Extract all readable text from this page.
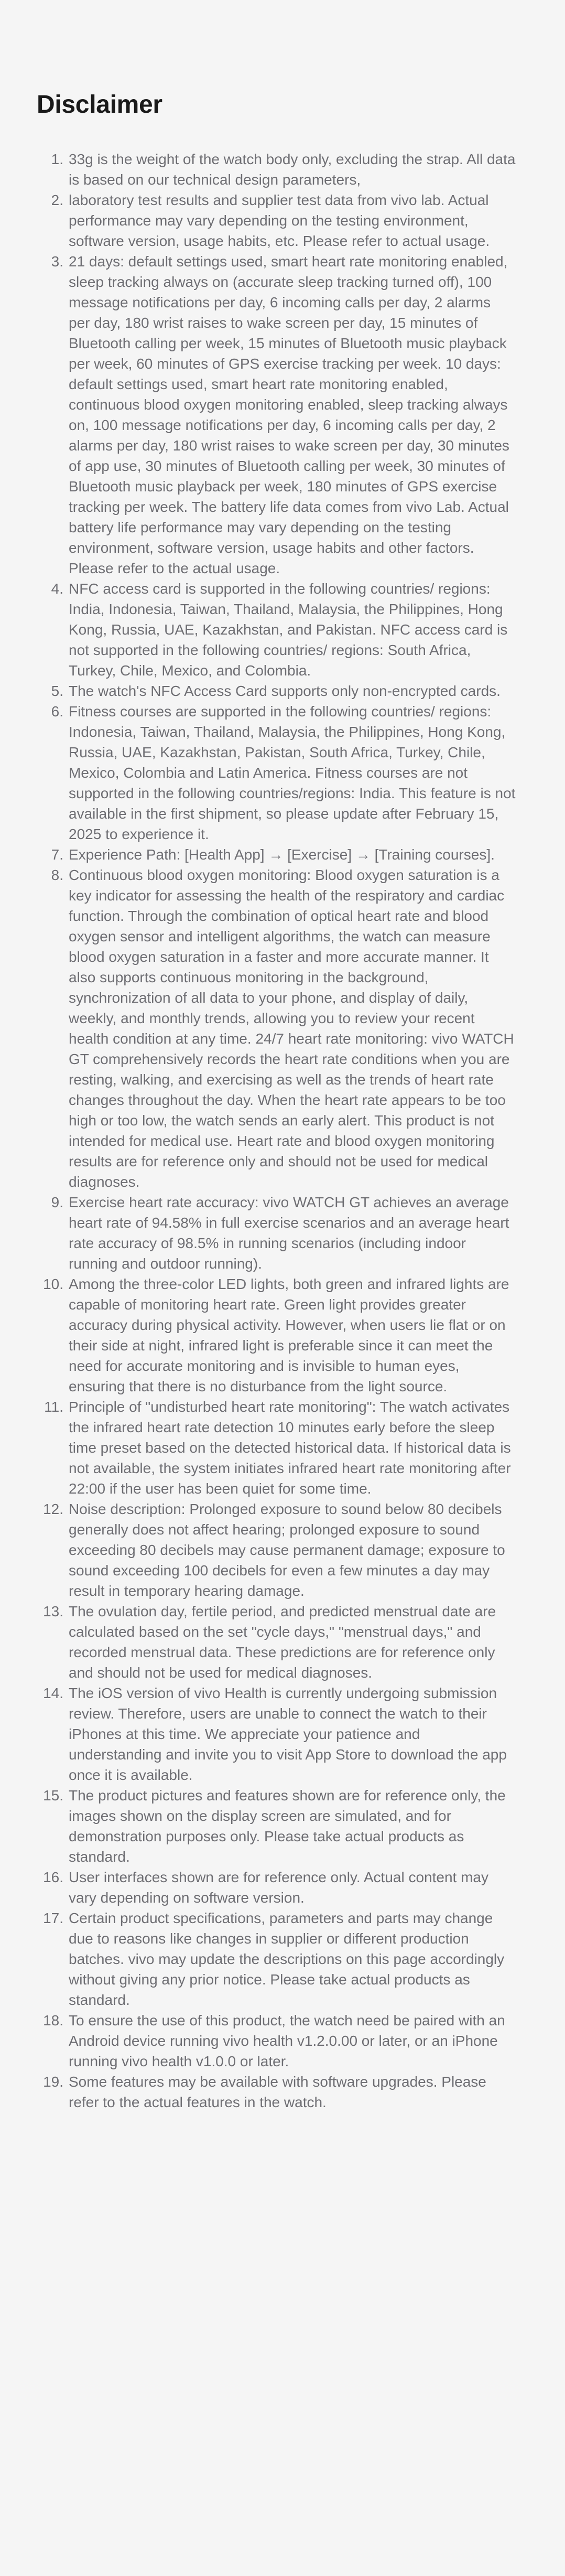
Disclaimer
1. 33g is the weight of the watch body only, excluding the strap. All data is based on our technical design parameters,
2. laboratory test results and supplier test data from vivo lab. Actual performance may vary depending on the testing environment, software version, usage habits, etc. Please refer to actual usage.
3. 21 days: default settings used, smart heart rate monitoring enabled, sleep tracking always on (accurate sleep tracking turned off), 100 message notifications per day, 6 incoming calls per day, 2 alarms per day, 180 wrist raises to wake screen per day, 15 minutes of Bluetooth calling per week, 15 minutes of Bluetooth music playback per week, 60 minutes of GPS exercise tracking per week. 10 days: default settings used, smart heart rate monitoring enabled, continuous blood oxygen monitoring enabled, sleep tracking always on, 100 message notifications per day, 6 incoming calls per day, 2 alarms per day, 180 wrist raises to wake screen per day, 30 minutes of app use, 30 minutes of Bluetooth calling per week, 30 minutes of Bluetooth music playback per week, 180 minutes of GPS exercise tracking per week. The battery life data comes from vivo Lab. Actual battery life performance may vary depending on the testing environment, software version, usage habits and other factors. Please refer to the actual usage.
4. NFC access card is supported in the following countries/ regions: India, Indonesia, Taiwan, Thailand, Malaysia, the Philippines, Hong Kong, Russia, UAE, Kazakhstan, and Pakistan. NFC access card is not supported in the following countries/ regions: South Africa, Turkey, Chile, Mexico, and Colombia.
5. The watch's NFC Access Card supports only non-encrypted cards.
6. Fitness courses are supported in the following countries/ regions: Indonesia, Taiwan, Thailand, Malaysia, the Philippines, Hong Kong, Russia, UAE, Kazakhstan, Pakistan, South Africa, Turkey, Chile, Mexico, Colombia and Latin America. Fitness courses are not supported in the following countries/regions: India. This feature is not available in the first shipment, so please update after February 15, 2025 to experience it.
7. Experience Path: [Health App] → [Exercise] → [Training courses].
8. Continuous blood oxygen monitoring: Blood oxygen saturation is a key indicator for assessing the health of the respiratory and cardiac function. Through the combination of optical heart rate and blood oxygen sensor and intelligent algorithms, the watch can measure blood oxygen saturation in a faster and more accurate manner. It also supports continuous monitoring in the background, synchronization of all data to your phone, and display of daily, weekly, and monthly trends, allowing you to review your recent health condition at any time. 24/7 heart rate monitoring: vivo WATCH GT comprehensively records the heart rate conditions when you are resting, walking, and exercising as well as the trends of heart rate changes throughout the day. When the heart rate appears to be too high or too low, the watch sends an early alert. This product is not intended for medical use. Heart rate and blood oxygen monitoring results are for reference only and should not be used for medical diagnoses.
9. Exercise heart rate accuracy: vivo WATCH GT achieves an average heart rate of 94.58% in full exercise scenarios and an average heart rate accuracy of 98.5% in running scenarios (including indoor running and outdoor running).
10. Among the three-color LED lights, both green and infrared lights are capable of monitoring heart rate. Green light provides greater accuracy during physical activity. However, when users lie flat or on their side at night, infrared light is preferable since it can meet the need for accurate monitoring and is invisible to human eyes, ensuring that there is no disturbance from the light source.
11. Principle of "undisturbed heart rate monitoring": The watch activates the infrared heart rate detection 10 minutes early before the sleep time preset based on the detected historical data. If historical data is not available, the system initiates infrared heart rate monitoring after 22:00 if the user has been quiet for some time.
12. Noise description: Prolonged exposure to sound below 80 decibels generally does not affect hearing; prolonged exposure to sound exceeding 80 decibels may cause permanent damage; exposure to sound exceeding 100 decibels for even a few minutes a day may result in temporary hearing damage.
13. The ovulation day, fertile period, and predicted menstrual date are calculated based on the set "cycle days," "menstrual days," and recorded menstrual data. These predictions are for reference only and should not be used for medical diagnoses.
14. The iOS version of vivo Health is currently undergoing submission review. Therefore, users are unable to connect the watch to their iPhones at this time. We appreciate your patience and understanding and invite you to visit App Store to download the app once it is available.
15. The product pictures and features shown are for reference only, the images shown on the display screen are simulated, and for demonstration purposes only. Please take actual products as standard.
16. User interfaces shown are for reference only. Actual content may vary depending on software version.
17. Certain product specifications, parameters and parts may change due to reasons like changes in supplier or different production batches. vivo may update the descriptions on this page accordingly without giving any prior notice. Please take actual products as standard.
18. To ensure the use of this product, the watch need be paired with an Android device running vivo health v1.2.0.00 or later, or an iPhone running vivo health v1.0.0 or later.
19. Some features may be available with software upgrades. Please refer to the actual features in the watch.
